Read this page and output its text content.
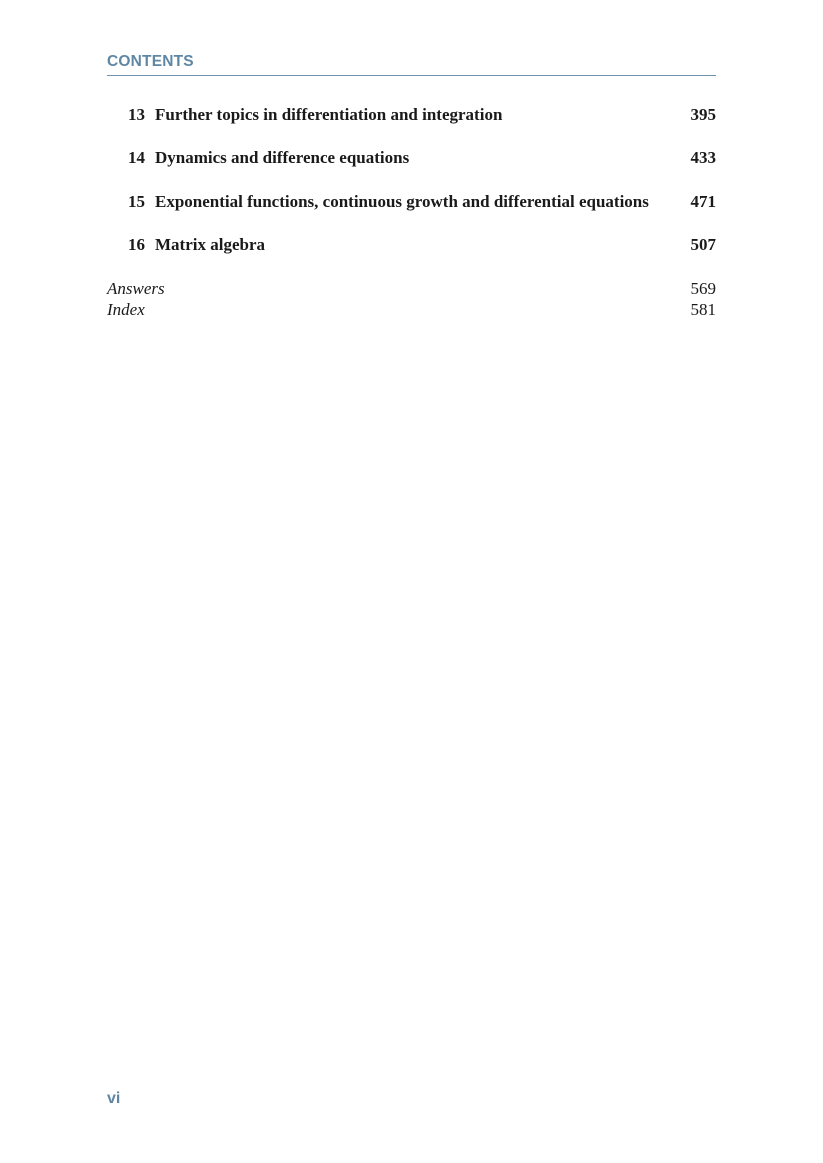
CONTENTS
13 Further topics in differentiation and integration	395
14 Dynamics and difference equations	433
15 Exponential functions, continuous growth and differential equations 471
16 Matrix algebra	507
Answers	569
Index	581
vi
